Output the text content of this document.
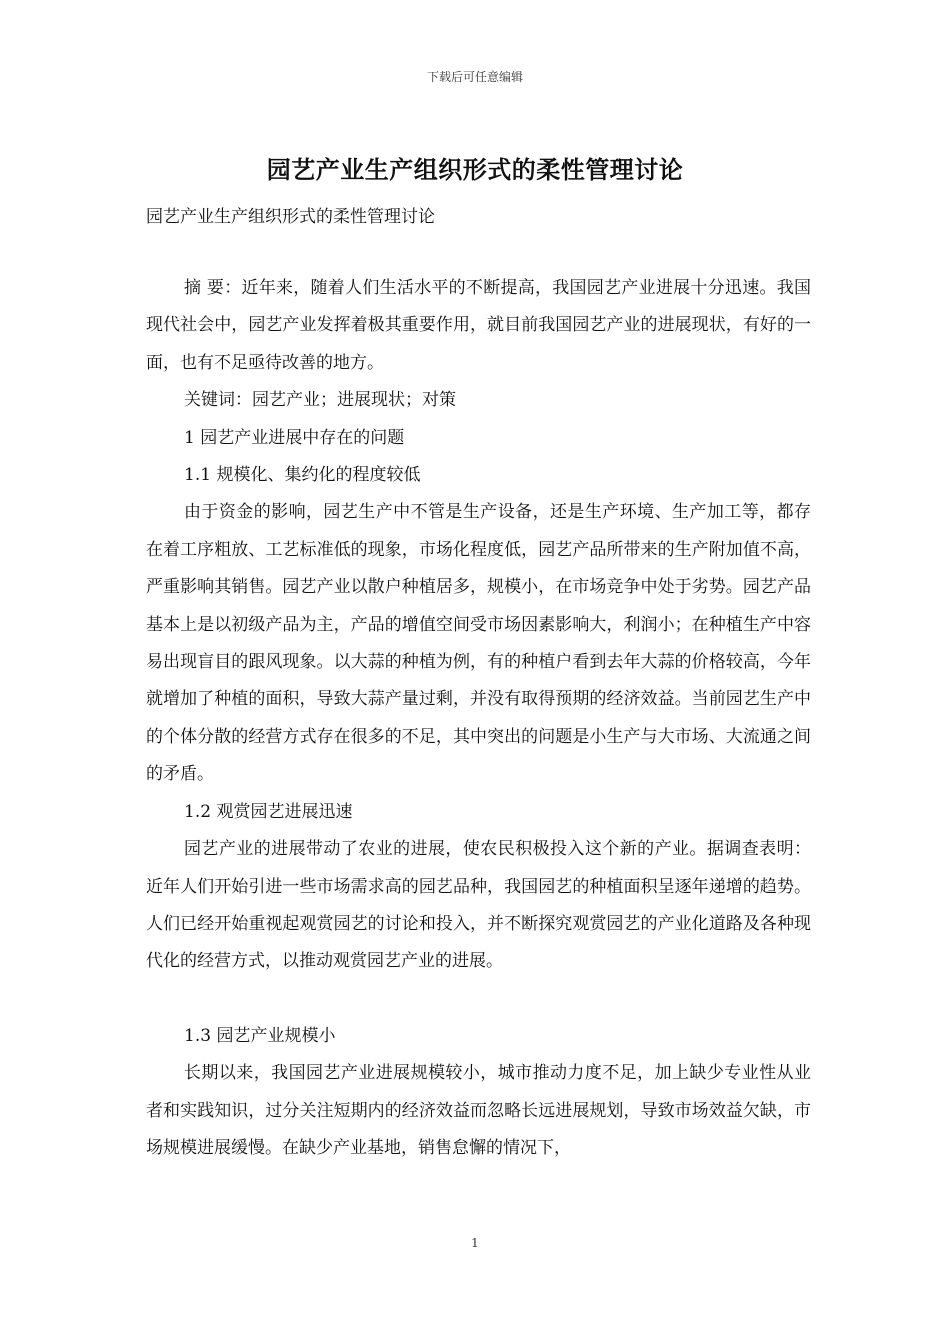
下载后可任意编辑
园艺产业生产组织形式的柔性管理讨论
园艺产业生产组织形式的柔性管理讨论

摘 要：近年来，随着人们生活水平的不断提高，我国园艺产业进展十分迅速。我国现代社会中，园艺产业发挥着极其重要作用，就目前我国园艺产业的进展现状，有好的一面，也有不足亟待改善的地方。

关键词：园艺产业；进展现状；对策

1 园艺产业进展中存在的问题

1.1 规模化、集约化的程度较低

由于资金的影响，园艺生产中不管是生产设备，还是生产环境、生产加工等，都存在着工序粗放、工艺标准低的现象，市场化程度低，园艺产品所带来的生产附加值不高，严重影响其销售。园艺产业以散户种植居多，规模小，在市场竞争中处于劣势。园艺产品基本上是以初级产品为主，产品的增值空间受市场因素影响大，利润小；在种植生产中容易出现盲目的跟风现象。以大蒜的种植为例，有的种植户看到去年大蒜的价格较高，今年就增加了种植的面积，导致大蒜产量过剩，并没有取得预期的经济效益。当前园艺生产中的个体分散的经营方式存在很多的不足，其中突出的问题是小生产与大市场、大流通之间的矛盾。

1.2 观赏园艺进展迅速

园艺产业的进展带动了农业的进展，使农民积极投入这个新的产业。据调查表明：近年人们开始引进一些市场需求高的园艺品种，我国园艺的种植面积呈逐年递增的趋势。人们已经开始重视起观赏园艺的讨论和投入，并不断探究观赏园艺的产业化道路及各种现代化的经营方式，以推动观赏园艺产业的进展。

1.3 园艺产业规模小

长期以来，我国园艺产业进展规模较小，城市推动力度不足，加上缺少专业性从业者和实践知识，过分关注短期内的经济效益而忽略长远进展规划，导致市场效益欠缺，市场规模进展缓慢。在缺少产业基地，销售怠懈的情况下，

1
